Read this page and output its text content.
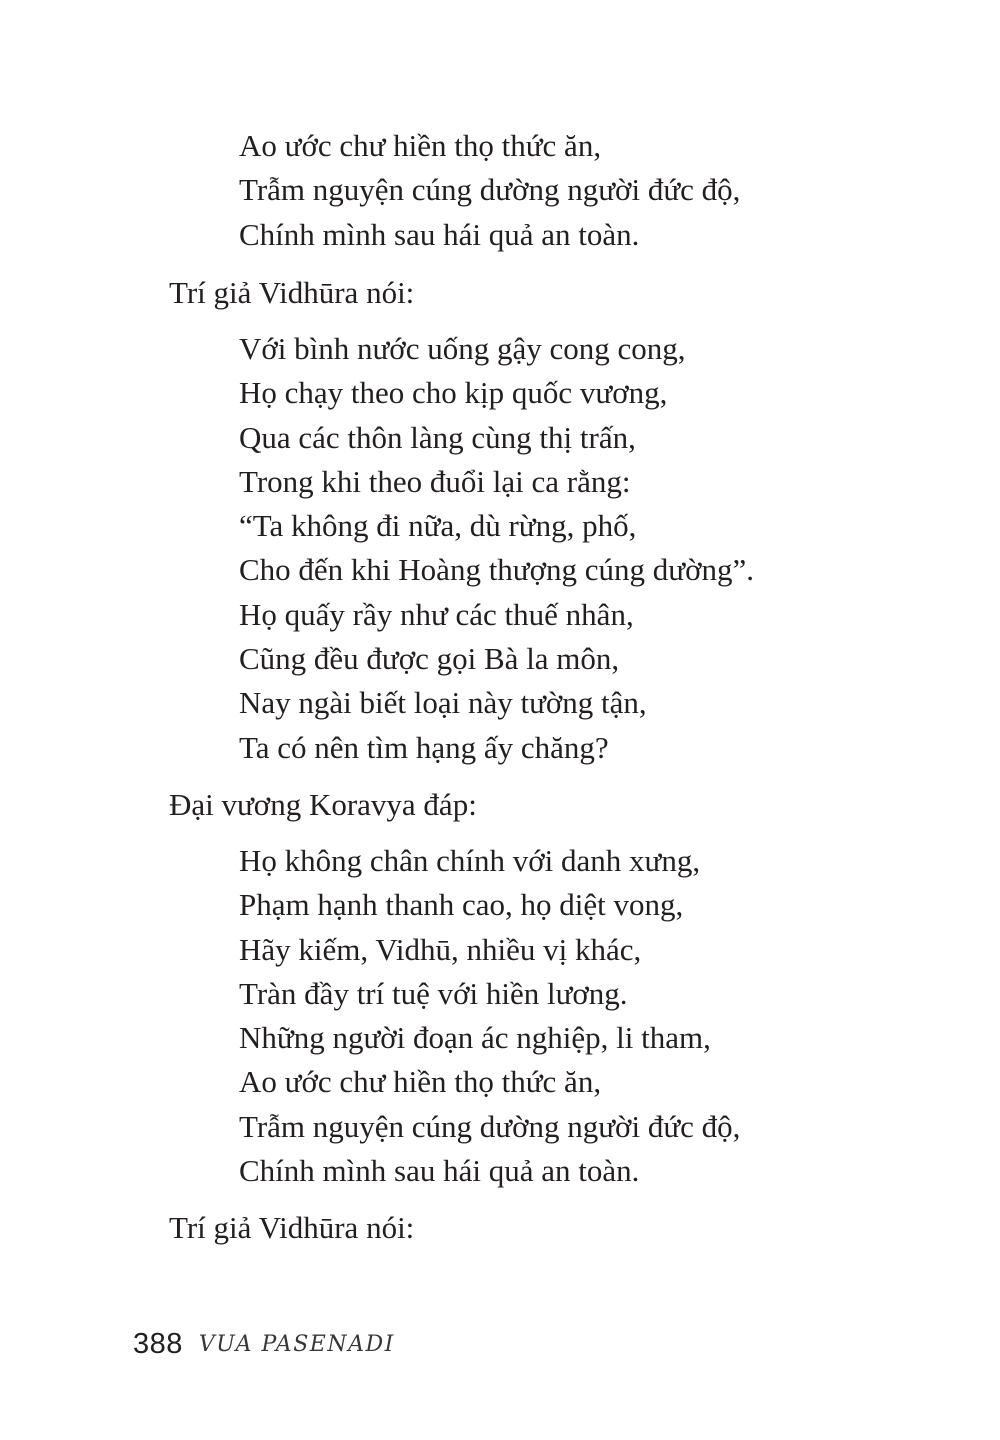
Ao ước chư hiền thọ thức ăn,
Trẫm nguyện cúng dường người đức độ,
Chính mình sau hái quả an toàn.

Trí giả Vidhūra nói:

Với bình nước uống gậy cong cong,
Họ chạy theo cho kịp quốc vương,
Qua các thôn làng cùng thị trấn,
Trong khi theo đuổi lại ca rằng:
“Ta không đi nữa, dù rừng, phố,
Cho đến khi Hoàng thượng cúng dường”.
Họ quấy rầy như các thuế nhân,
Cũng đều được gọi Bà la môn,
Nay ngài biết loại này tường tận,
Ta có nên tìm hạng ấy chăng?

Đại vương Koravya đáp:

Họ không chân chính với danh xưng,
Phạm hạnh thanh cao, họ diệt vong,
Hãy kiếm, Vidhū, nhiều vị khác,
Tràn đầy trí tuệ với hiền lương.
Những người đoạn ác nghiệp, li tham,
Ao ước chư hiền thọ thức ăn,
Trẫm nguyện cúng dường người đức độ,
Chính mình sau hái quả an toàn.

Trí giả Vidhūra nói:

388 VUA PASENADI
